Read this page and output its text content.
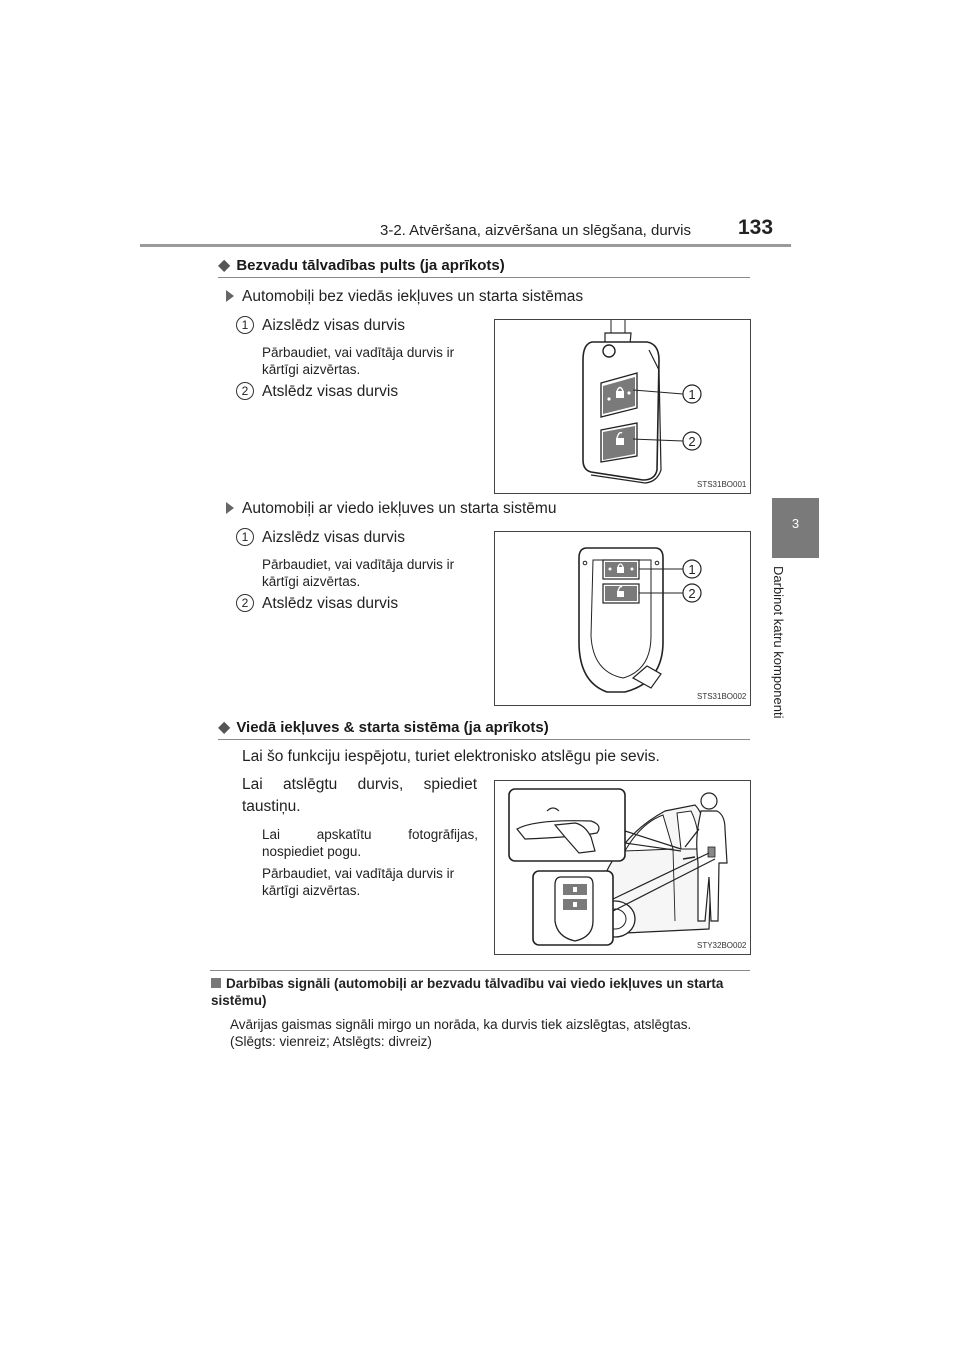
3-2. Atvēršana, aizvēršana un slēgšana, durvis 133
3
Darbinot katru komponenti
◆ Bezvadu tālvadības pults (ja aprīkots)
Automobiļi bez viedās iekļuves un starta sistēmas
1 Aizslēdz visas durvis
Pārbaudiet, vai vadītāja durvis ir
kārtīgi aizvērtas.
2 Atslēdz visas durvis	1
2
STS31BO001
Automobiļi ar viedo iekļuves un starta sistēmu
1 Aizslēdz visas durvis
Pārbaudiet, vai vadītāja durvis ir
kārtīgi aizvērtas.
2 Atslēdz visas durvis
1
2
STS31BO002
◆ Viedā iekļuves & starta sistēma (ja aprīkots)
Lai šo funkciju iespējotu, turiet elektronisko atslēgu pie sevis.
Lai atslēgtu durvis, spiediet
taustiņu.
Lai apskatītu fotogrāfijas,
nospiediet pogu.
Pārbaudiet, vai vadītāja durvis ir
kārtīgi aizvērtas.
STY32BO002
Darbības signāli (automobiļi ar bezvadu tālvadību vai viedo iekļuves un starta sistēmu)
Avārijas gaismas signāli mirgo un norāda, ka durvis tiek aizslēgtas, atslēgtas.
(Slēgts: vienreiz; Atslēgts: divreiz)
